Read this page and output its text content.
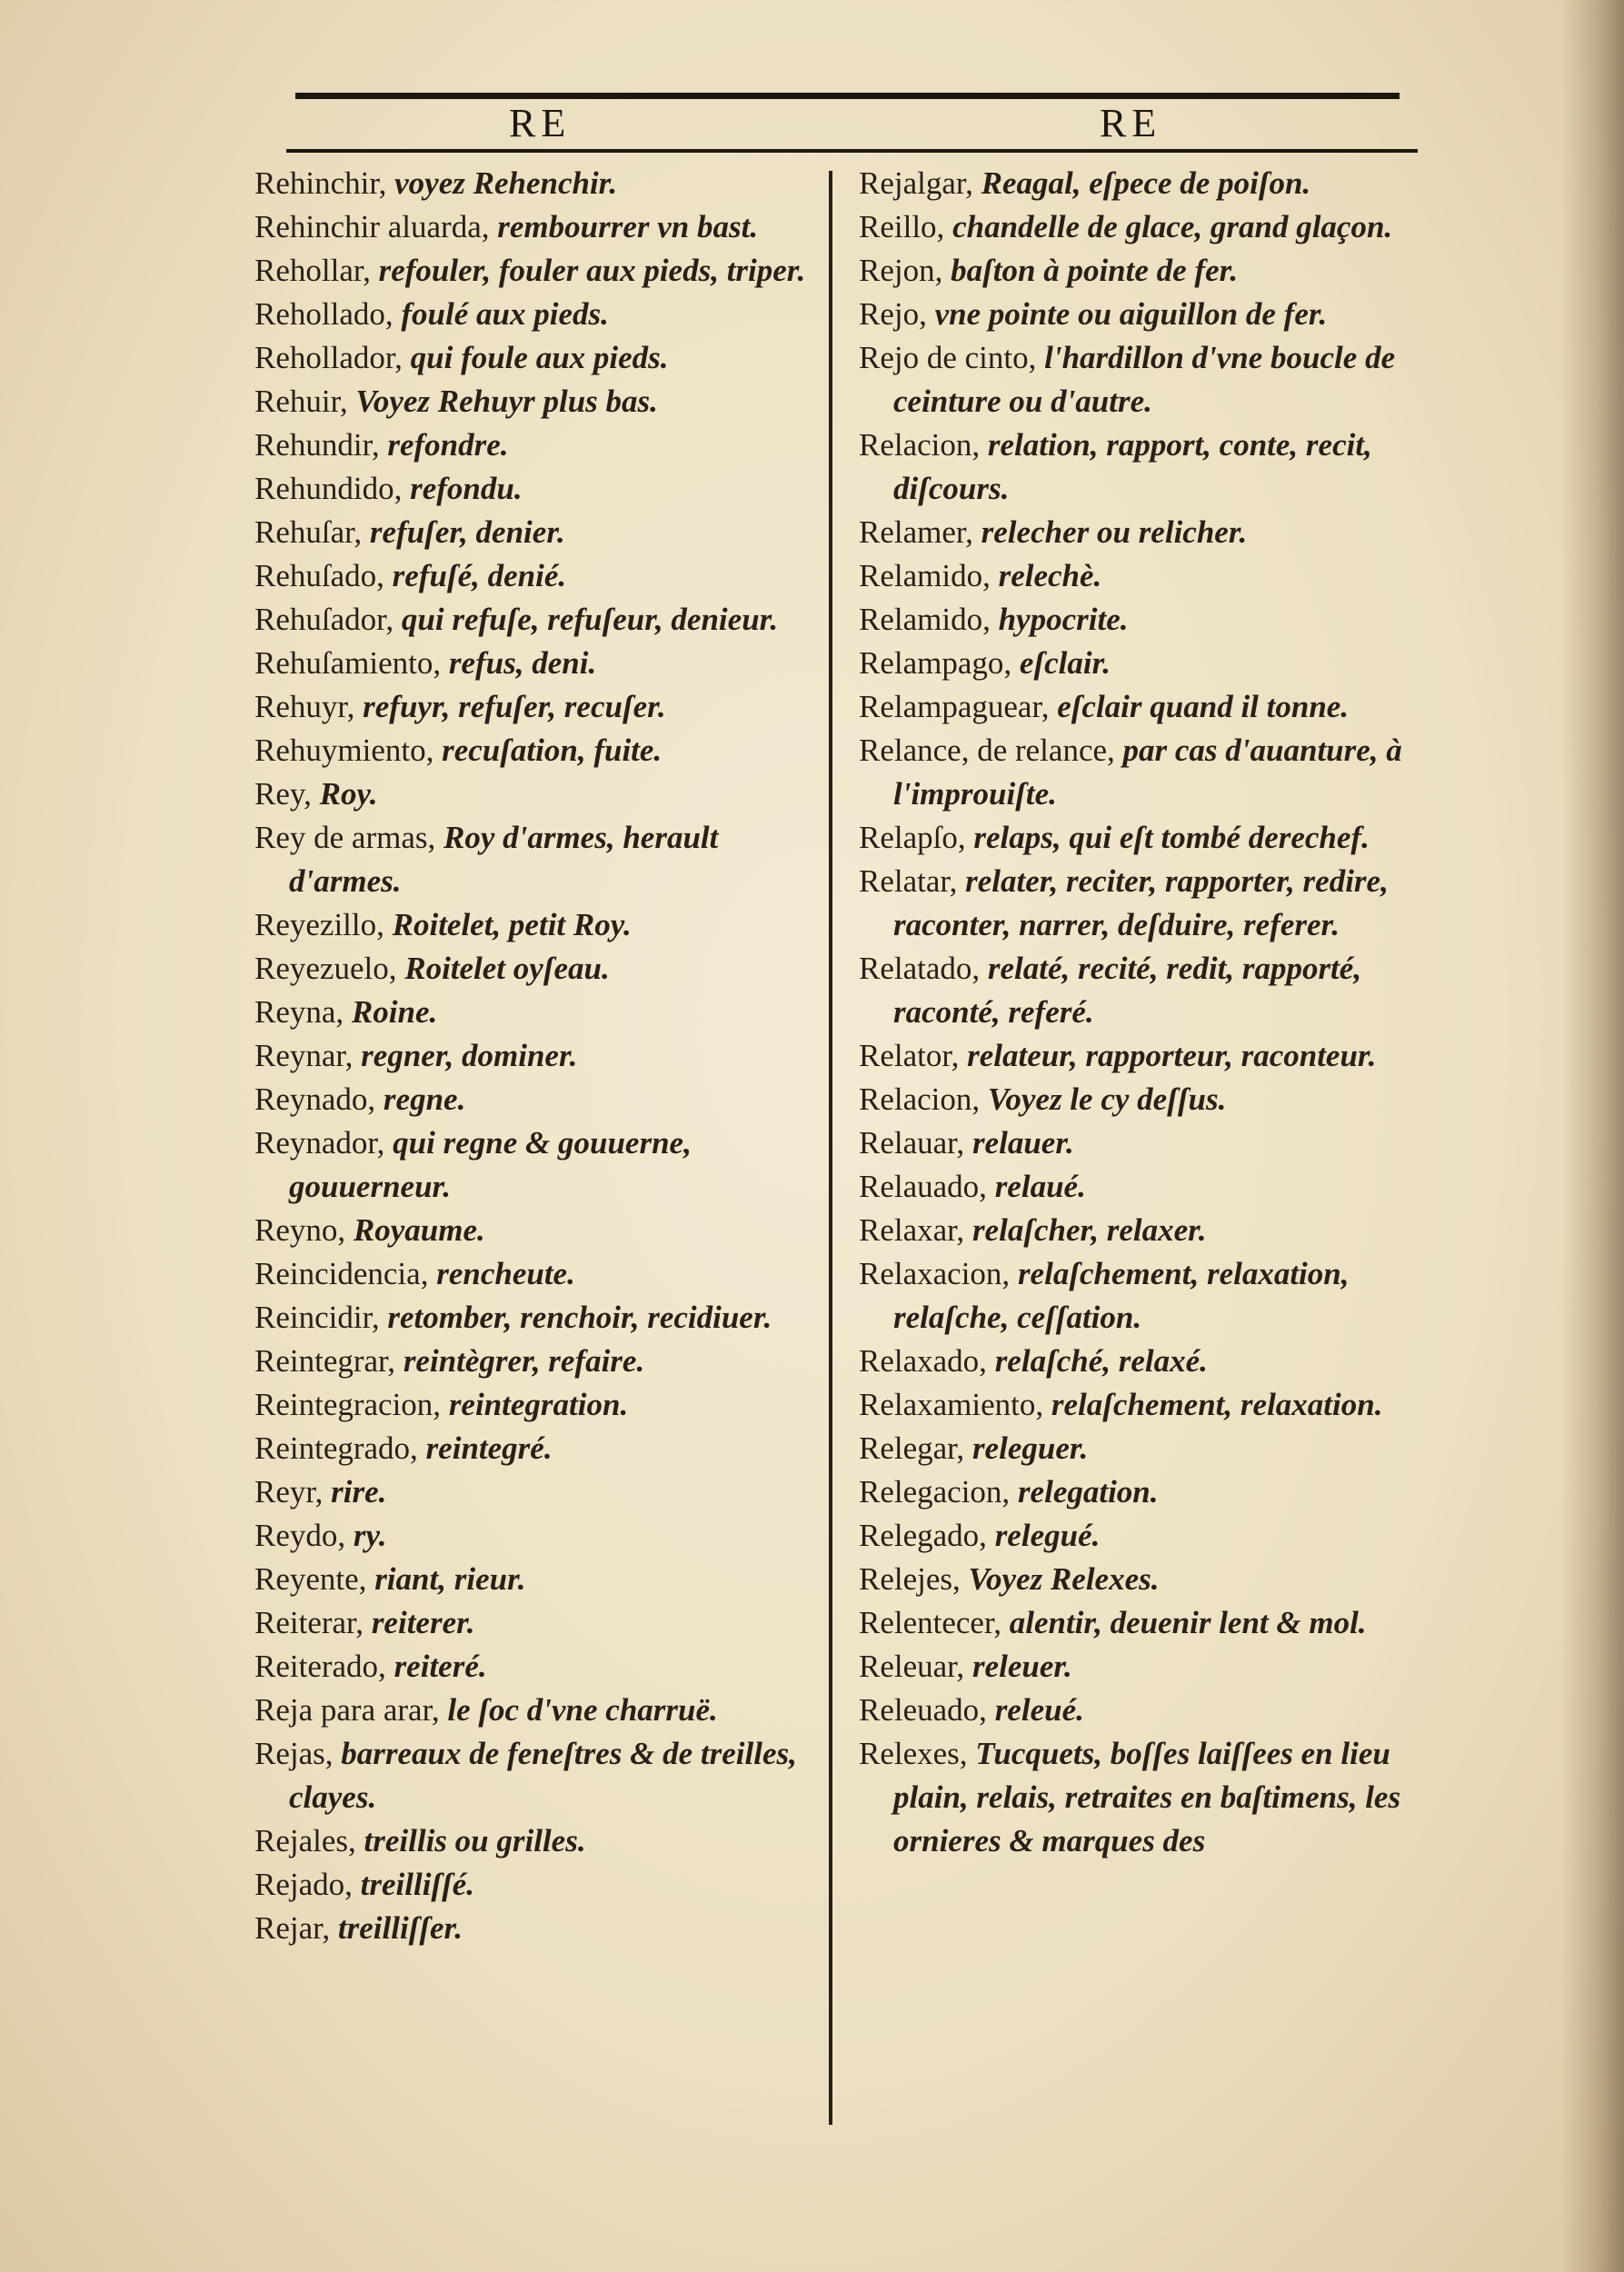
RE	RE
Rehinchir, voyez Rehenchir.
Rehinchir aluarda, rembourrer vn bast.
Rehollar, refouler, fouler aux pieds, triper.
Rehollado, foulé aux pieds.
Rehollador, qui foule aux pieds.
Rehuir, Voyez Rehuyr plus bas.
Rehundir, refondre.
Rehundido, refondu.
Rehuſar, refuſer, denier.
Rehuſado, refuſé, denié.
Rehuſador, qui refuſe, refuſeur, denieur.
Rehuſamiento, refus, deni.
Rehuyr, refuyr, refuſer, recuſer.
Rehuymiento, recuſation, fuite.
Rey, Roy.
Rey de armas, Roy d'armes, herault d'armes.
Reyezillo, Roitelet, petit Roy.
Reyezuelo, Roitelet oyſeau.
Reyna, Roine.
Reynar, regner, dominer.
Reynado, regne.
Reynador, qui regne & gouuerne, gouuerneur.
Reyno, Royaume.
Reincidencia, rencheute.
Reincidir, retomber, renchoir, recidiuer.
Reintegrar, reintègrer, refaire.
Reintegracion, reintegration.
Reintegrado, reintegré.
Reyr, rire.
Reydo, ry.
Reyente, riant, rieur.
Reiterar, reiterer.
Reiterado, reiteré.
Reja para arar, le ſoc d'vne charruë.
Rejas, barreaux de feneſtres & de treilles, clayes.
Rejales, treillis ou grilles.
Rejado, treilliſſé.
Rejar, treilliſſer.
Rejalgar, Reagal, eſpece de poiſon.
Reillo, chandelle de glace, grand glaçon.
Rejon, baſton à pointe de fer.
Rejo, vne pointe ou aiguillon de fer.
Rejo de cinto, l'hardillon d'vne boucle de ceinture ou d'autre.
Relacion, relation, rapport, conte, recit, diſcours.
Relamer, relecher ou relicher.
Relamido, relechè.
Relamido, hypocrite.
Relampago, eſclair.
Relampaguear, eſclair quand il tonne.
Relance, de relance, par cas d'auanture, à l'improuiſte.
Relapſo, relaps, qui eſt tombé derechef.
Relatar, relater, reciter, rapporter, redire, raconter, narrer, deſduire, referer.
Relatado, relaté, recité, redit, rapporté, raconté, referé.
Relator, relateur, rapporteur, raconteur.
Relacion, Voyez le cy deſſus.
Relauar, relauer.
Relauado, relaué.
Relaxar, relaſcher, relaxer.
Relaxacion, relaſchement, relaxation, relaſche, ceſſation.
Relaxado, relaſché, relaxé.
Relaxamiento, relaſchement, relaxation.
Relegar, releguer.
Relegacion, relegation.
Relegado, relegué.
Relejes, Voyez Relexes.
Relentecer, alentir, deuenir lent & mol.
Releuar, releuer.
Releuado, releué.
Relexes, Tucquets, boſſes laiſſees en lieu plain, relais, retraites en baſtimens, les ornieres & marques des
